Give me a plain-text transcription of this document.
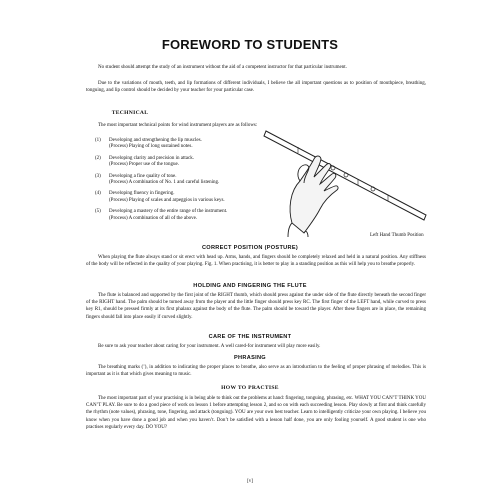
FOREWORD TO STUDENTS
No student should attempt the study of an instrument without the aid of a competent instructor for that particular instrument.
Due to the variations of mouth, teeth, and lip formations of different individuals, I believe the all important questions as to position of mouthpiece, breathing, tonguing, and lip control should be decided by your teacher for your particular case.
TECHNICAL
The most important technical points for wind instrument players are as follows:
(1)	Developing and strengthening the lip muscles.
(Process) Playing of long sustained notes.
(2)	Developing clarity and precision in attack.
(Process) Proper use of the tongue.
(3)	Developing a fine quality of tone.
(Process) A combination of No. 1 and careful listening.
(4)	Developing fluency in fingering.
(Process) Playing of scales and arpeggios in various keys.
(5)	Developing a mastery of the entire range of the instrument.
(Process) A combination of all of the above.
Left Hand Thumb Position
CORRECT POSITION (POSTURE)
When playing the flute always stand or sit erect with head up. Arms, hands, and fingers should be completely relaxed and held in a natural position. Any stiffness of the body will be reflected in the quality of your playing. Fig. 1. When practising, it is better to play in a standing position as this will help you to breathe properly.
HOLDING AND FINGERING THE FLUTE
The flute is balanced and supported by the first joint of the RIGHT thumb, which should press against the under side of the flute directly beneath the second finger of the RIGHT hand. The palm should be turned away from the player and the little finger should press key RC. The first finger of the LEFT hand, while curved to press key R1, should be pressed firmly at its first phalanx against the body of the flute. The palm should be toward the player. After these fingers are in place, the remaining fingers should fall into place easily if curved slightly.
CARE OF THE INSTRUMENT
Be sure to ask your teacher about caring for your instrument. A well cared-for instrument will play more easily.
PHRASING
The breathing marks (’), in addition to indicating the proper places to breathe, also serve as an introduction to the feeling of proper phrasing of melodies. This is important as it is that which gives meaning to music.
HOW TO PRACTISE
The most important part of your practising is in being able to think out the problems at hand: fingering, tonguing, phrasing, etc. WHAT YOU CAN’T THINK YOU CAN’T PLAY. Be sure to do a good piece of work on lesson 1 before attempting lesson 2, and so on with each succeeding lesson. Play slowly at first and think carefully the rhythm (note values), phrasing, tone, fingering, and attack (tonguing). YOU are your own best teacher. Learn to intelligently criticize your own playing. I believe you know when you have done a good job and when you haven’t. Don’t be satisfied with a lesson half done, you are only fooling yourself. A good student is one who practises regularly every day. DO YOU?
[v]
